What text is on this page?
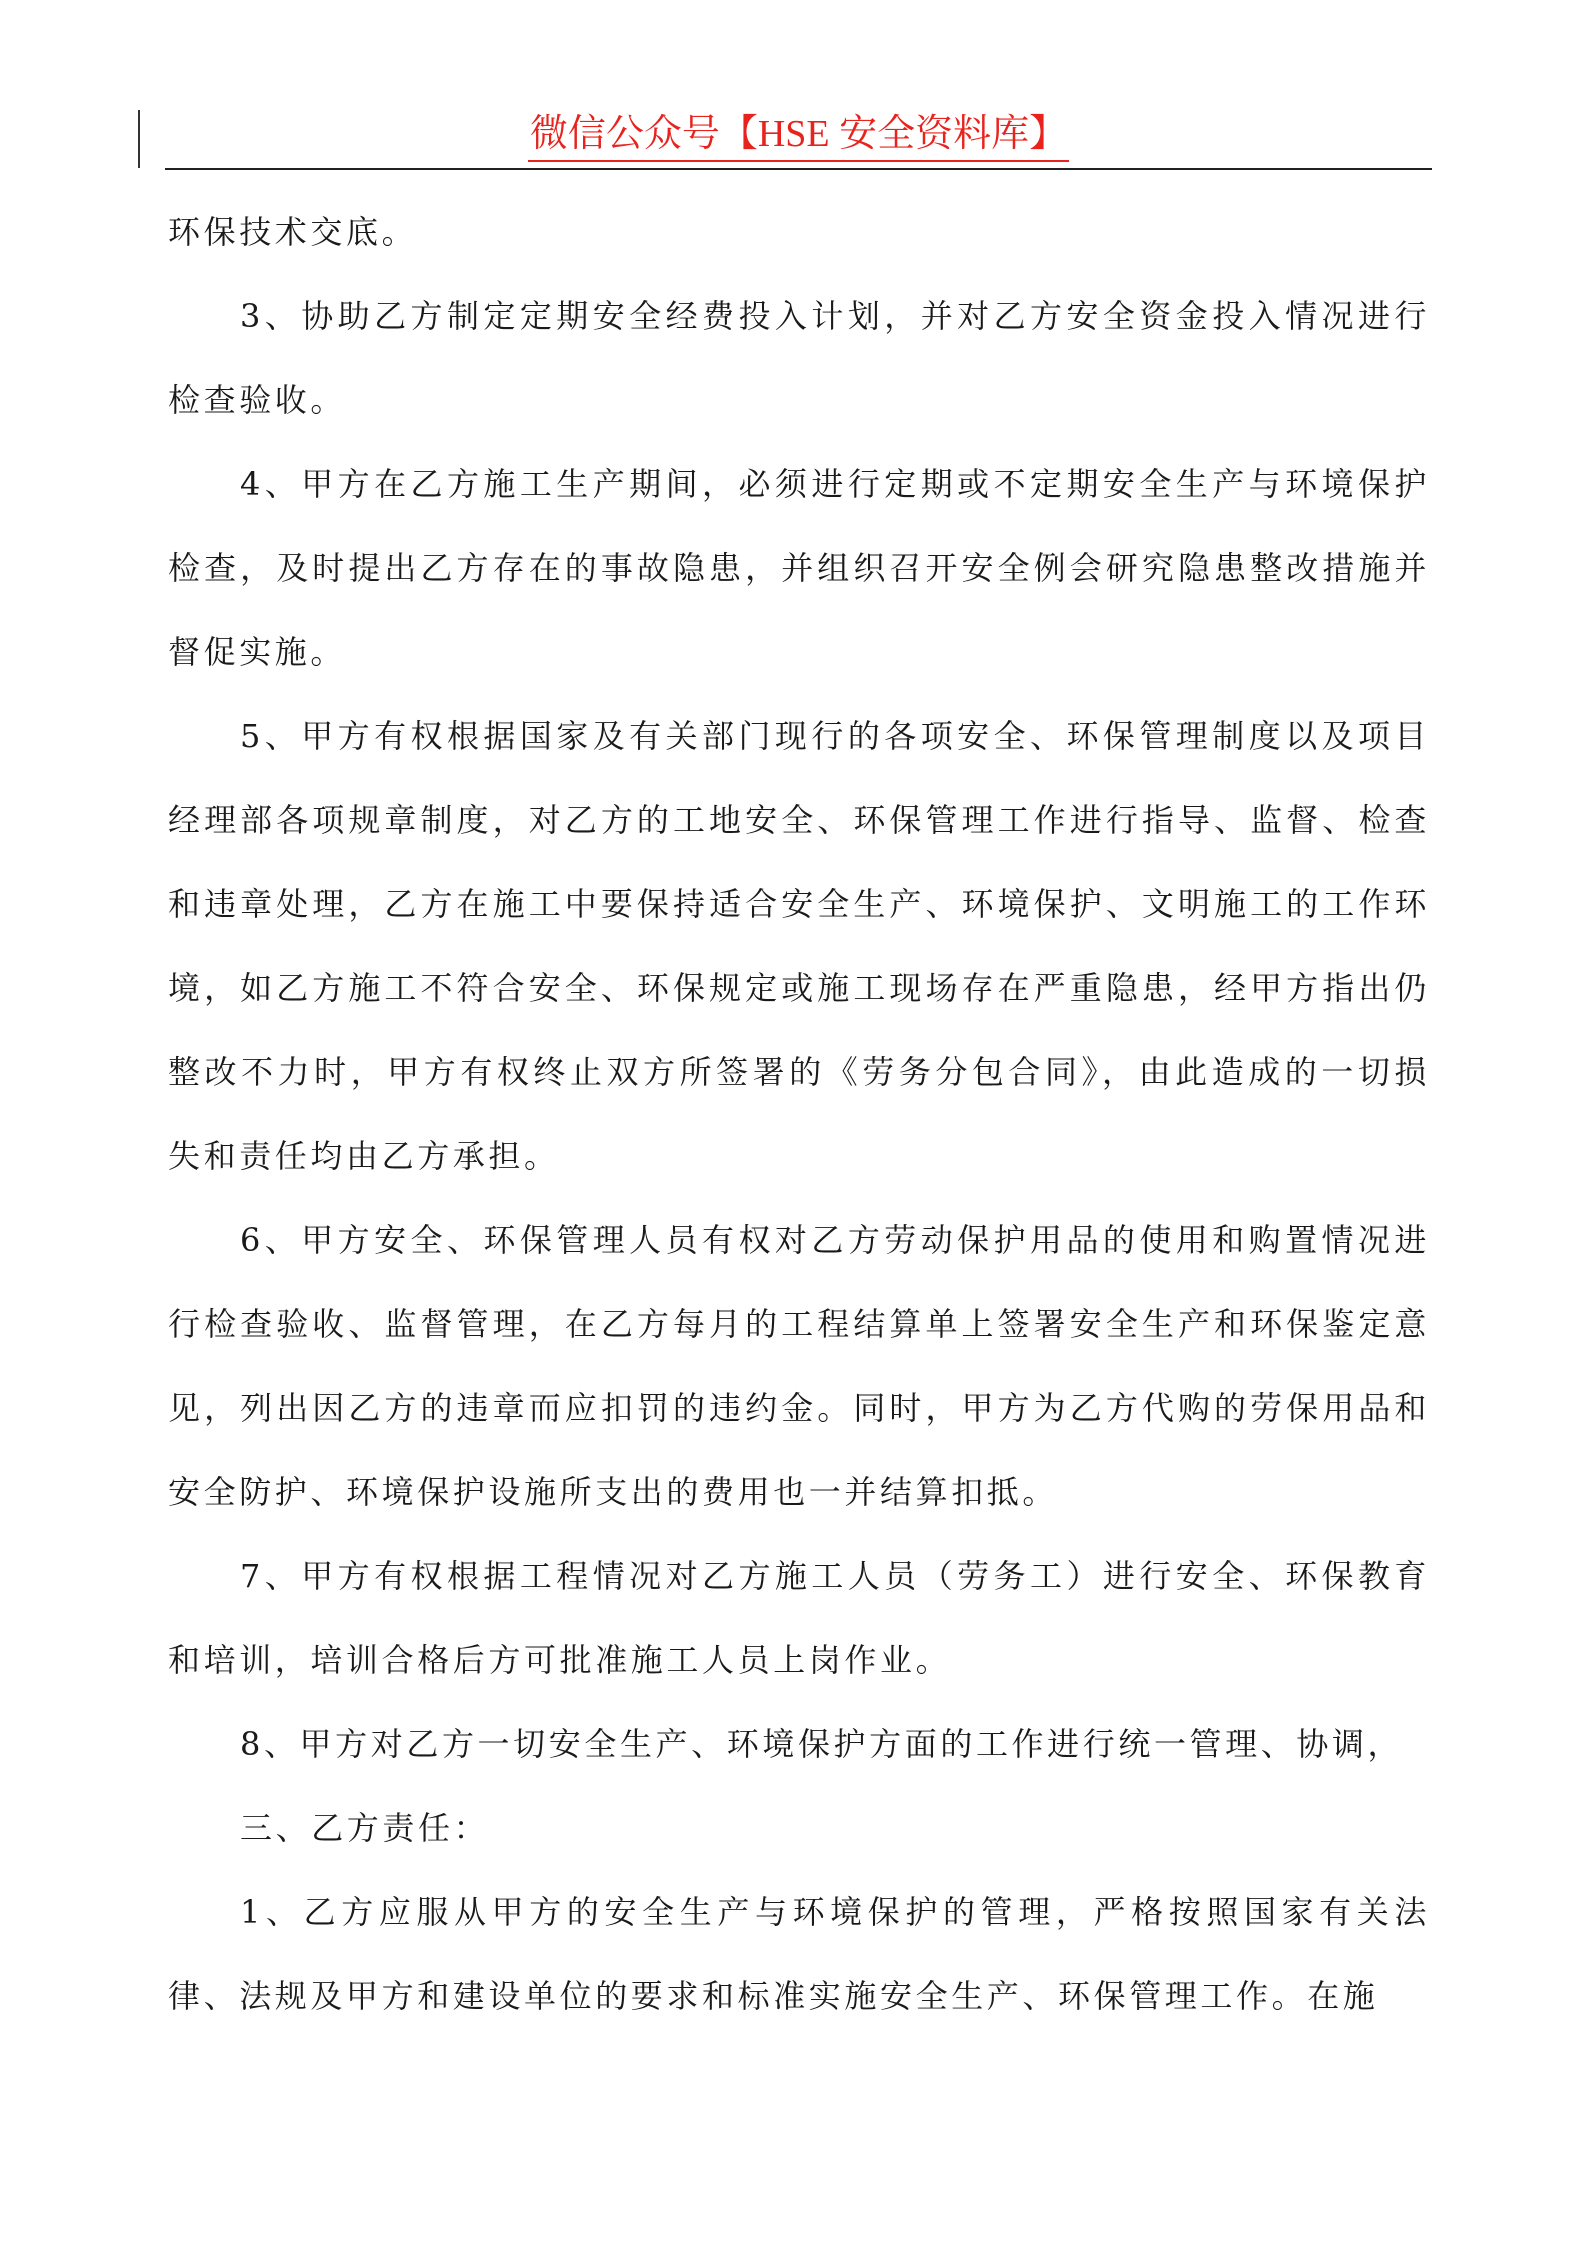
微信公众号【HSE 安全资料库】

环保技术交底。

3、协助乙方制定定期安全经费投入计划，并对乙方安全资金投入情况进行检查验收。

4、甲方在乙方施工生产期间，必须进行定期或不定期安全生产与环境保护检查，及时提出乙方存在的事故隐患，并组织召开安全例会研究隐患整改措施并督促实施。

5、甲方有权根据国家及有关部门现行的各项安全、环保管理制度以及项目经理部各项规章制度，对乙方的工地安全、环保管理工作进行指导、监督、检查和违章处理，乙方在施工中要保持适合安全生产、环境保护、文明施工的工作环境，如乙方施工不符合安全、环保规定或施工现场存在严重隐患，经甲方指出仍整改不力时，甲方有权终止双方所签署的《劳务分包合同》，由此造成的一切损失和责任均由乙方承担。

6、甲方安全、环保管理人员有权对乙方劳动保护用品的使用和购置情况进行检查验收、监督管理，在乙方每月的工程结算单上签署安全生产和环保鉴定意见，列出因乙方的违章而应扣罚的违约金。同时，甲方为乙方代购的劳保用品和安全防护、环境保护设施所支出的费用也一并结算扣抵。

7、甲方有权根据工程情况对乙方施工人员（劳务工）进行安全、环保教育和培训，培训合格后方可批准施工人员上岗作业。

8、甲方对乙方一切安全生产、环境保护方面的工作进行统一管理、协调，

三、乙方责任：

1、乙方应服从甲方的安全生产与环境保护的管理，严格按照国家有关法律、法规及甲方和建设单位的要求和标准实施安全生产、环保管理工作。在施
